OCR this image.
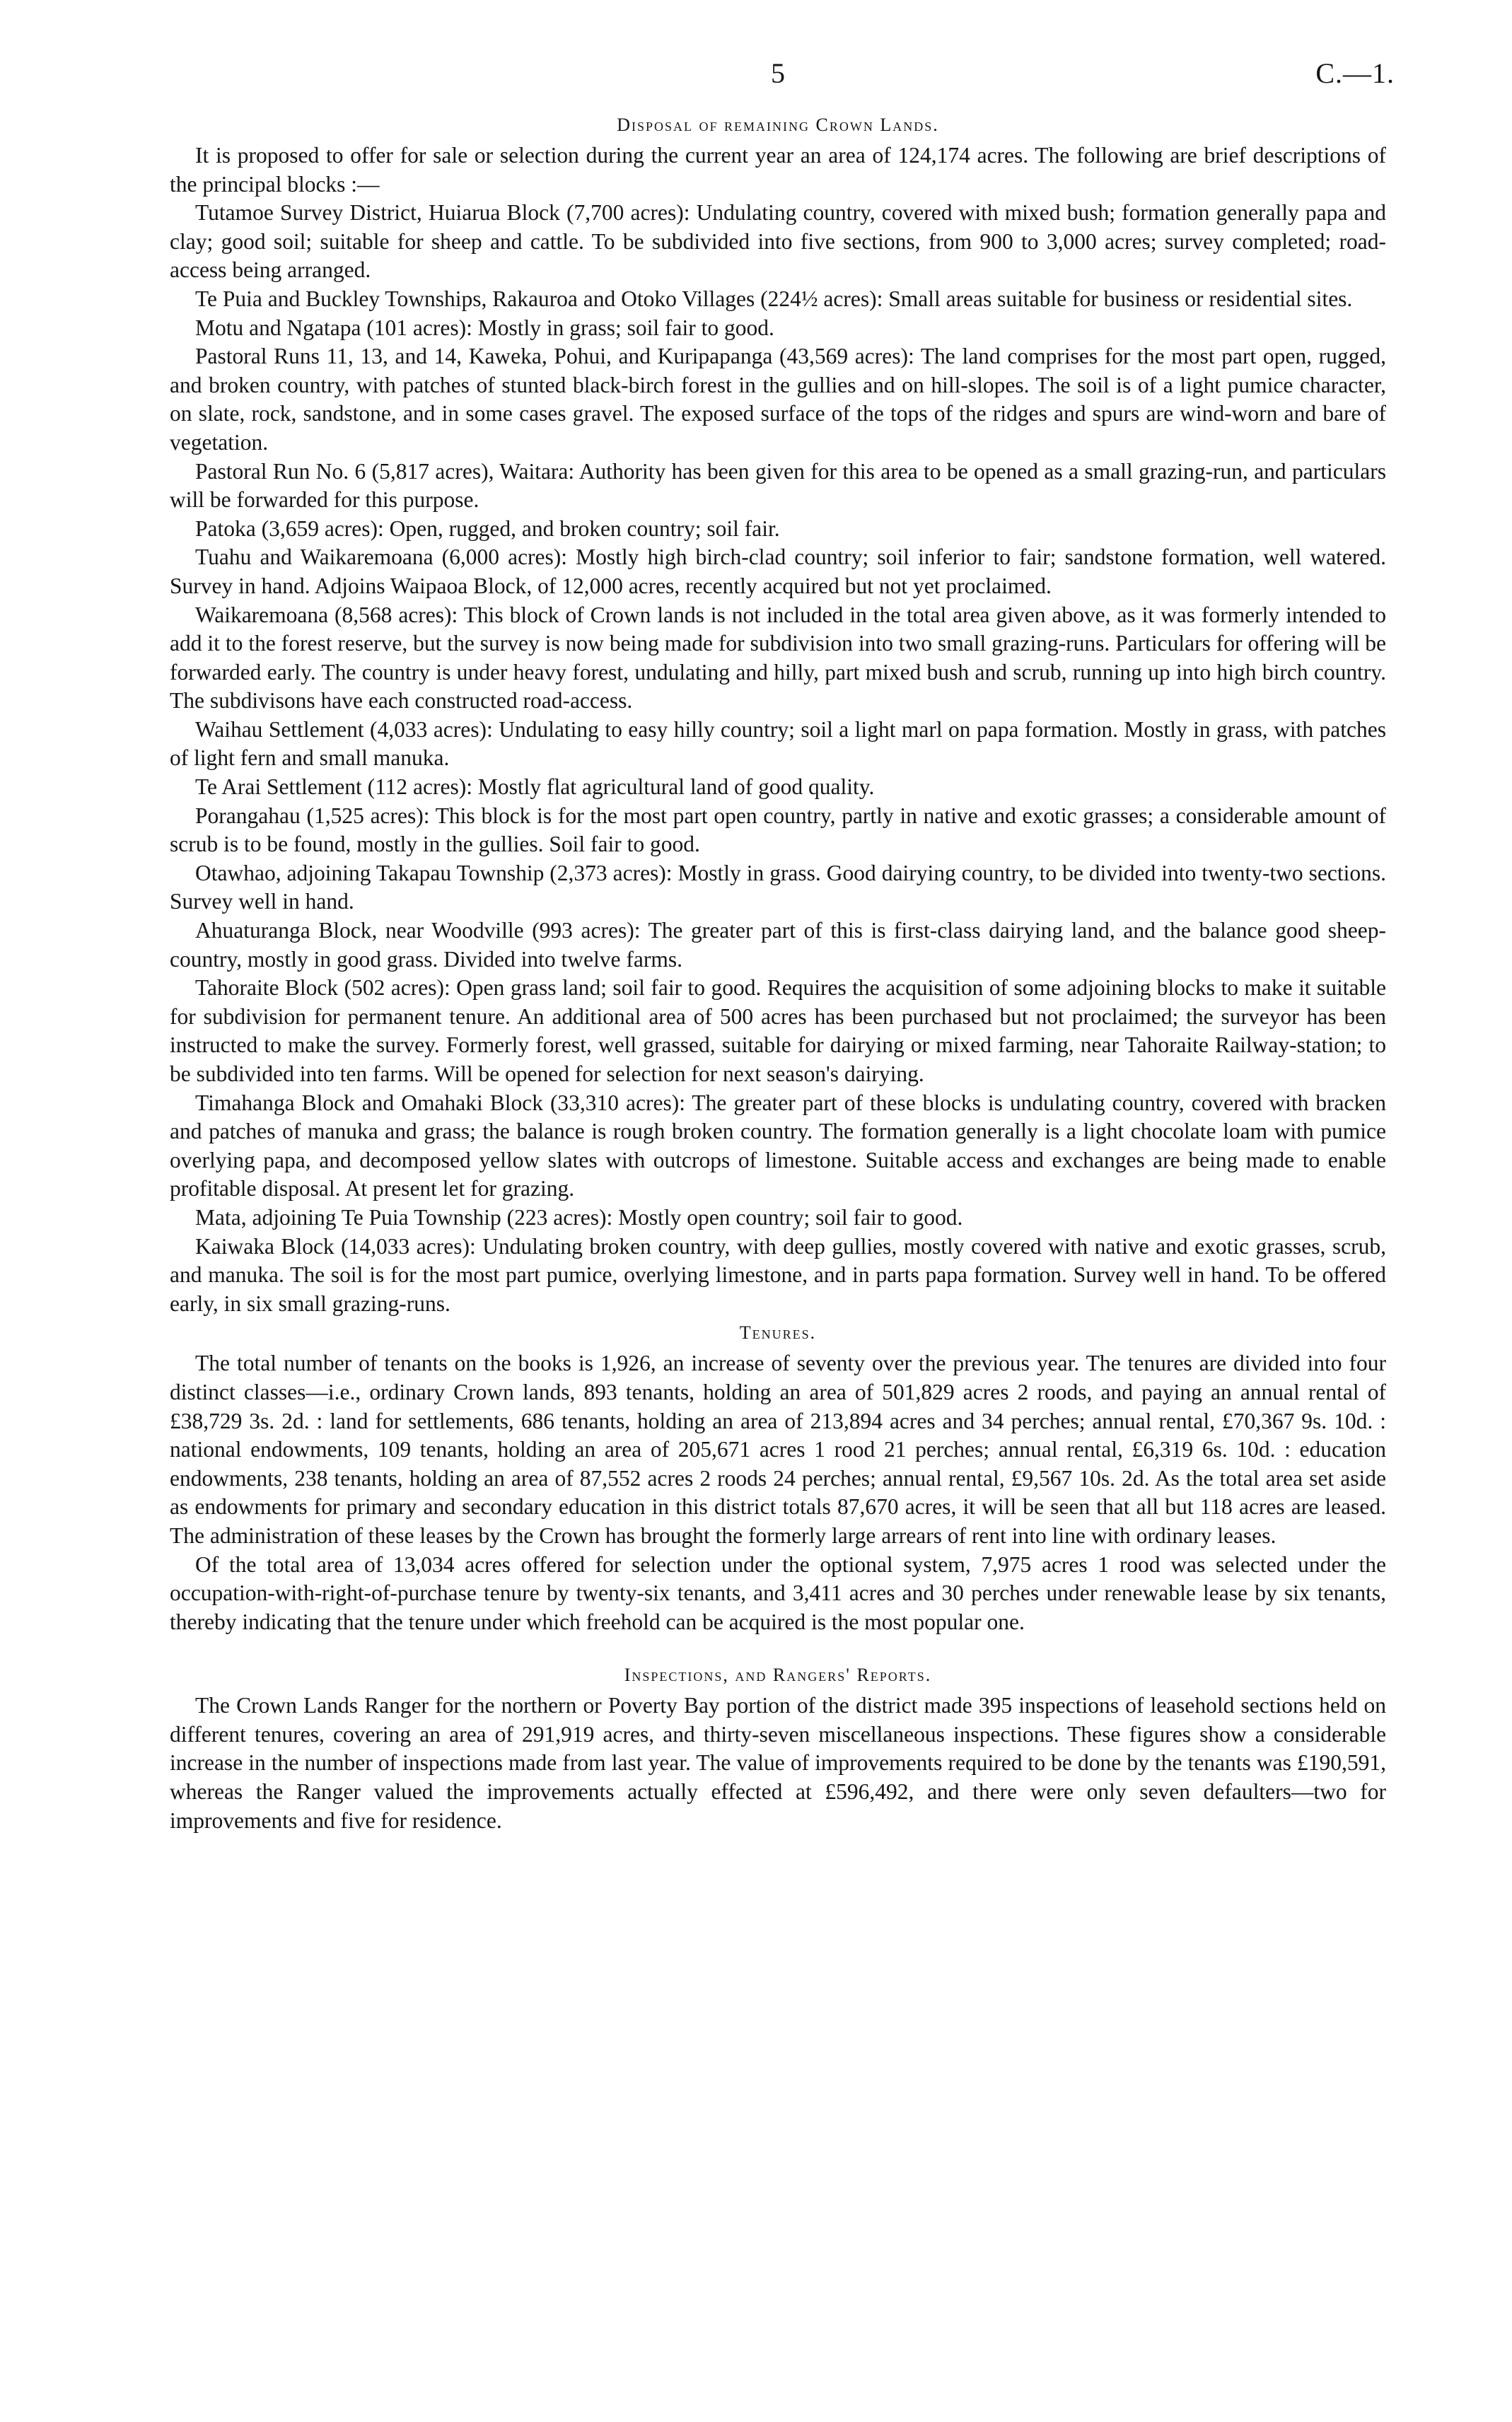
5	C.—1.
Disposal of remaining Crown Lands.

It is proposed to offer for sale or selection during the current year an area of 124,174 acres. The following are brief descriptions of the principal blocks :—

Tutamoe Survey District, Huiarua Block (7,700 acres): Undulating country, covered with mixed bush; formation generally papa and clay; good soil; suitable for sheep and cattle. To be subdivided into five sections, from 900 to 3,000 acres; survey completed; road-access being arranged.

Te Puia and Buckley Townships, Rakauroa and Otoko Villages (224½ acres): Small areas suitable for business or residential sites.

Motu and Ngatapa (101 acres): Mostly in grass; soil fair to good.

Pastoral Runs 11, 13, and 14, Kaweka, Pohui, and Kuripapanga (43,569 acres): The land comprises for the most part open, rugged, and broken country, with patches of stunted black-birch forest in the gullies and on hill-slopes. The soil is of a light pumice character, on slate, rock, sandstone, and in some cases gravel. The exposed surface of the tops of the ridges and spurs are wind-worn and bare of vegetation.

Pastoral Run No. 6 (5,817 acres), Waitara: Authority has been given for this area to be opened as a small grazing-run, and particulars will be forwarded for this purpose.

Patoka (3,659 acres): Open, rugged, and broken country; soil fair.

Tuahu and Waikaremoana (6,000 acres): Mostly high birch-clad country; soil inferior to fair; sandstone formation, well watered. Survey in hand. Adjoins Waipaoa Block, of 12,000 acres, recently acquired but not yet proclaimed.

Waikaremoana (8,568 acres): This block of Crown lands is not included in the total area given above, as it was formerly intended to add it to the forest reserve, but the survey is now being made for subdivision into two small grazing-runs. Particulars for offering will be forwarded early. The country is under heavy forest, undulating and hilly, part mixed bush and scrub, running up into high birch country. The subdivisons have each constructed road-access.

Waihau Settlement (4,033 acres): Undulating to easy hilly country; soil a light marl on papa formation. Mostly in grass, with patches of light fern and small manuka.

Te Arai Settlement (112 acres): Mostly flat agricultural land of good quality.

Porangahau (1,525 acres): This block is for the most part open country, partly in native and exotic grasses; a considerable amount of scrub is to be found, mostly in the gullies. Soil fair to good.

Otawhao, adjoining Takapau Township (2,373 acres): Mostly in grass. Good dairying country, to be divided into twenty-two sections. Survey well in hand.

Ahuaturanga Block, near Woodville (993 acres): The greater part of this is first-class dairying land, and the balance good sheep-country, mostly in good grass. Divided into twelve farms.

Tahoraite Block (502 acres): Open grass land; soil fair to good. Requires the acquisition of some adjoining blocks to make it suitable for subdivision for permanent tenure. An additional area of 500 acres has been purchased but not proclaimed; the surveyor has been instructed to make the survey. Formerly forest, well grassed, suitable for dairying or mixed farming, near Tahoraite Railway-station; to be subdivided into ten farms. Will be opened for selection for next season's dairying.

Timahanga Block and Omahaki Block (33,310 acres): The greater part of these blocks is undulating country, covered with bracken and patches of manuka and grass; the balance is rough broken country. The formation generally is a light chocolate loam with pumice overlying papa, and decomposed yellow slates with outcrops of limestone. Suitable access and exchanges are being made to enable profitable disposal. At present let for grazing.

Mata, adjoining Te Puia Township (223 acres): Mostly open country; soil fair to good.

Kaiwaka Block (14,033 acres): Undulating broken country, with deep gullies, mostly covered with native and exotic grasses, scrub, and manuka. The soil is for the most part pumice, overlying limestone, and in parts papa formation. Survey well in hand. To be offered early, in six small grazing-runs.

Tenures.

The total number of tenants on the books is 1,926, an increase of seventy over the previous year. The tenures are divided into four distinct classes—i.e., ordinary Crown lands, 893 tenants, holding an area of 501,829 acres 2 roods, and paying an annual rental of £38,729 3s. 2d. : land for settlements, 686 tenants, holding an area of 213,894 acres and 34 perches; annual rental, £70,367 9s. 10d. : national endowments, 109 tenants, holding an area of 205,671 acres 1 rood 21 perches; annual rental, £6,319 6s. 10d. : education endowments, 238 tenants, holding an area of 87,552 acres 2 roods 24 perches; annual rental, £9,567 10s. 2d. As the total area set aside as endowments for primary and secondary education in this district totals 87,670 acres, it will be seen that all but 118 acres are leased. The administration of these leases by the Crown has brought the formerly large arrears of rent into line with ordinary leases.

Of the total area of 13,034 acres offered for selection under the optional system, 7,975 acres 1 rood was selected under the occupation-with-right-of-purchase tenure by twenty-six tenants, and 3,411 acres and 30 perches under renewable lease by six tenants, thereby indicating that the tenure under which freehold can be acquired is the most popular one.

Inspections, and Rangers' Reports.

The Crown Lands Ranger for the northern or Poverty Bay portion of the district made 395 inspections of leasehold sections held on different tenures, covering an area of 291,919 acres, and thirty-seven miscellaneous inspections. These figures show a considerable increase in the number of inspections made from last year. The value of improvements required to be done by the tenants was £190,591, whereas the Ranger valued the improvements actually effected at £596,492, and there were only seven defaulters—two for improvements and five for residence.
